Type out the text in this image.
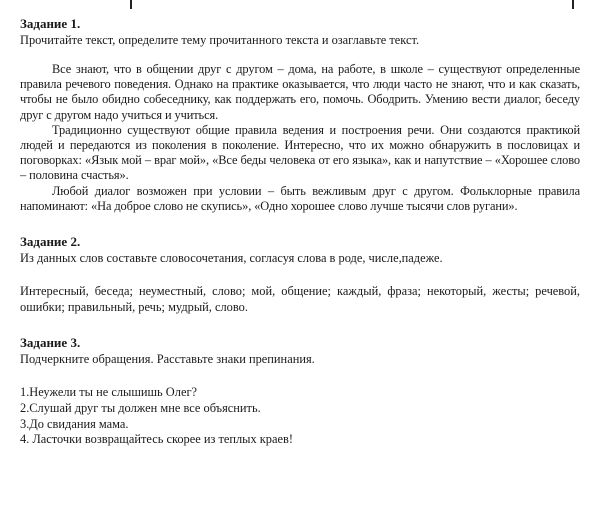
Задание 1.

Прочитайте текст, определите тему прочитанного текста и озаглавьте текст.

Все знают, что в общении друг с другом – дома, на работе, в школе – существуют определенные правила речевого поведения. Однако на практике оказывается, что люди часто не знают, что и как сказать, чтобы не было обидно собеседнику, как поддержать его, помочь. Ободрить. Умению вести диалог, беседу друг с другом надо учиться и учиться.

Традиционно существуют общие правила ведения и построения речи. Они создаются практикой людей и передаются из поколения в поколение. Интересно, что их можно обнаружить в пословицах и поговорках: «Язык мой – враг мой», «Все беды человека от его языка», как и напутствие – «Хорошее слово – половина счастья».

Любой диалог возможен при условии – быть вежливым друг с другом. Фольклорные правила напоминают: «На доброе слово не скупись», «Одно хорошее слово лучше тысячи слов ругани».

Задание 2.

Из данных слов составьте словосочетания, согласуя слова в роде, числе,падеже.

Интересный, беседа; неуместный, слово; мой, общение; каждый, фраза; некоторый, жесты; речевой, ошибки; правильный, речь; мудрый, слово.

Задание 3.

Подчеркните обращения. Расставьте знаки препинания.

1.Неужели ты не слышишь Олег?

2.Слушай друг ты должен мне все объяснить.

3.До свидания мама.

4. Ласточки возвращайтесь скорее из теплых краев!
